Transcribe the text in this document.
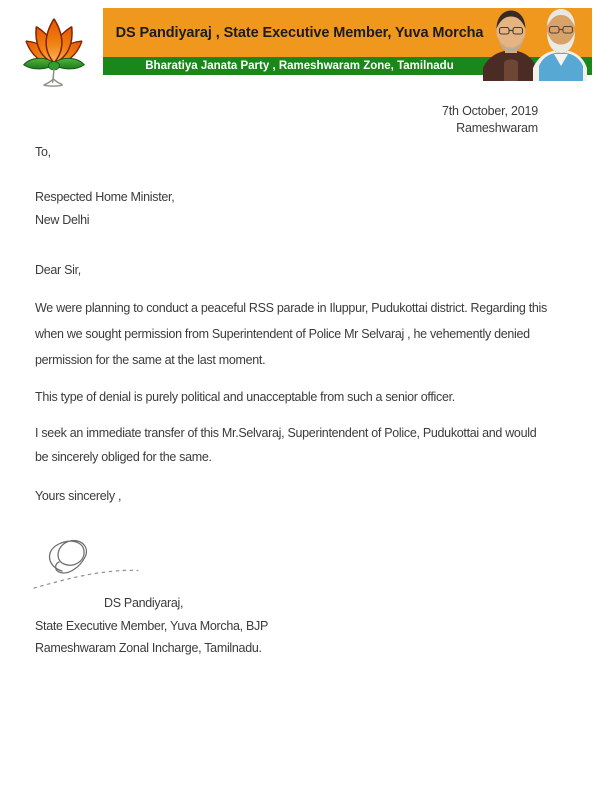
DS Pandiyaraj , State Executive Member, Yuva Morcha
Bharatiya Janata Party , Rameshwaram Zone, Tamilnadu
7th October, 2019
Rameshwaram
To,
Respected Home Minister,
New Delhi
Dear Sir,
We were planning to conduct a peaceful RSS parade in Iluppur, Pudukottai district. Regarding this
when we sought permission from Superintendent of Police Mr Selvaraj , he vehemently denied
permission for the same at the last moment.
This type of denial is purely political and unacceptable from such a senior officer.
I seek an immediate transfer of this Mr.Selvaraj, Superintendent of Police, Pudukottai and would
be sincerely obliged for the same.
Yours sincerely ,
DS Pandiyaraj,
State Executive Member, Yuva Morcha, BJP
Rameshwaram Zonal Incharge, Tamilnadu.
